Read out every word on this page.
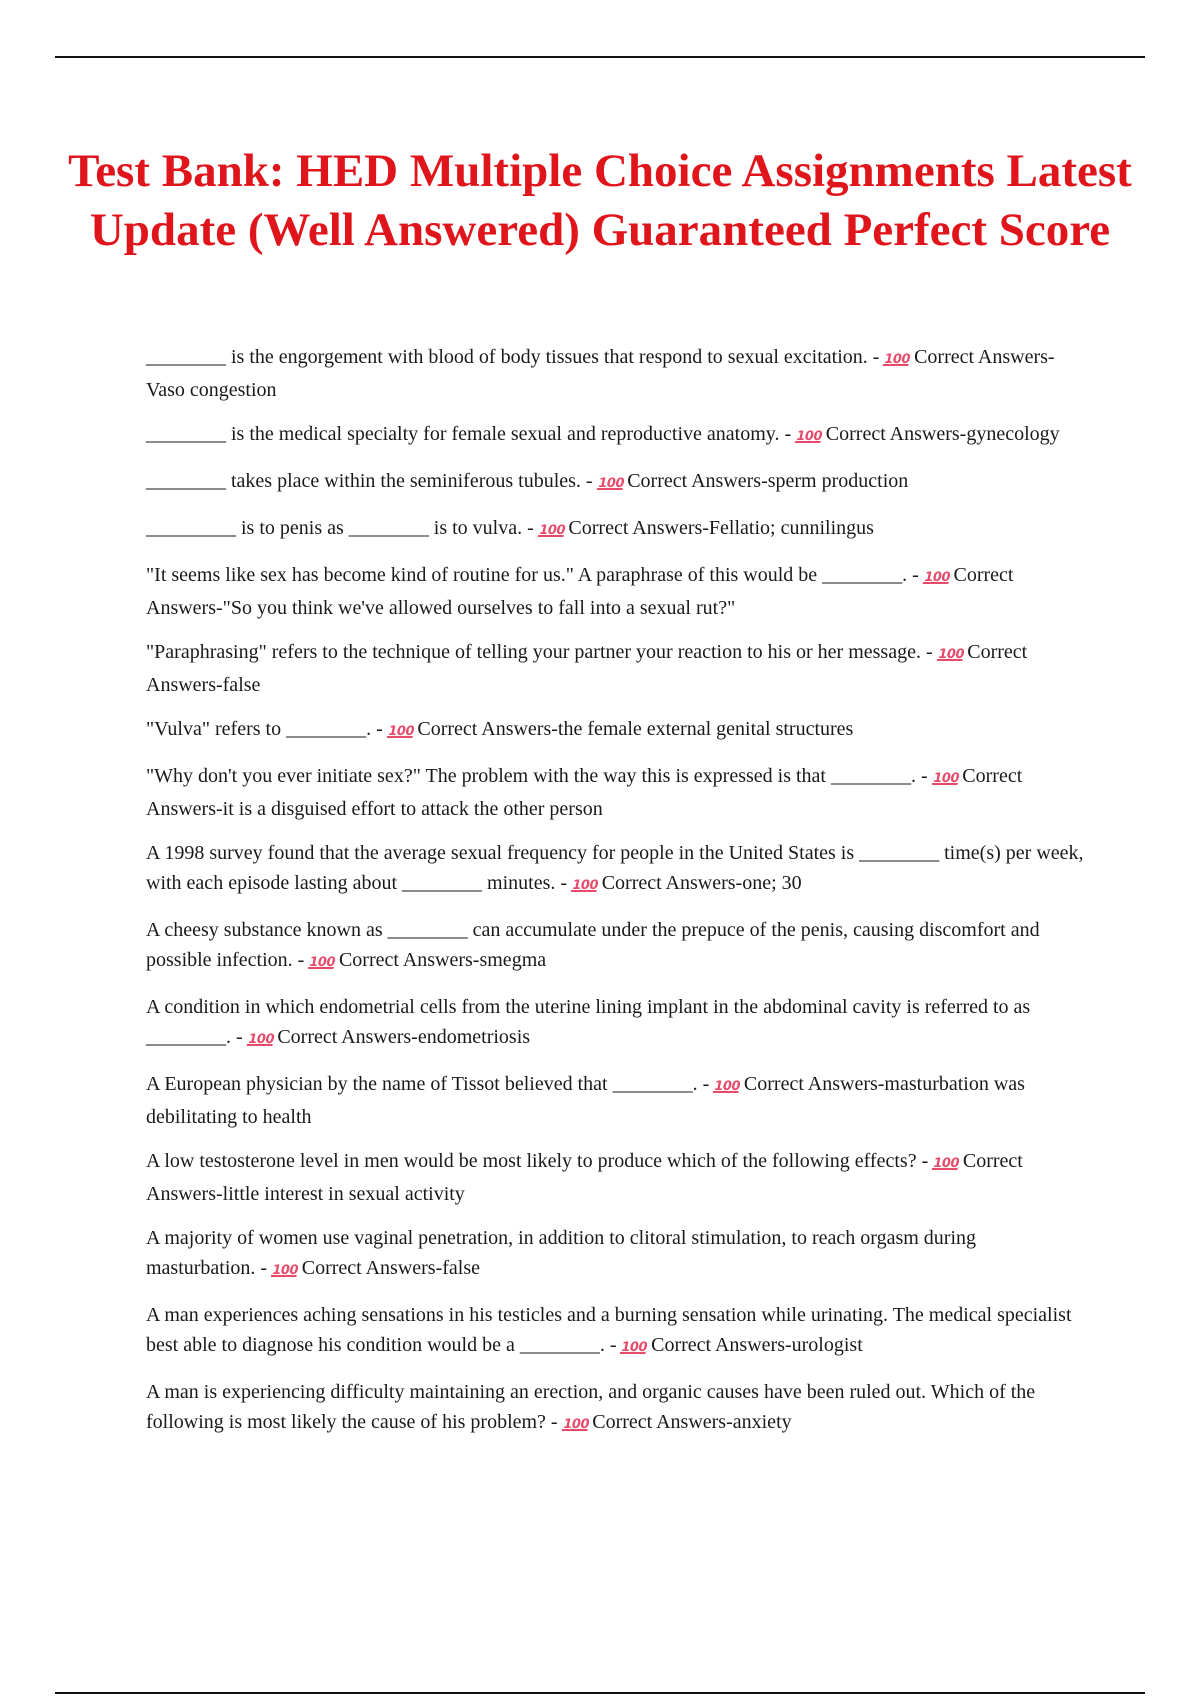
Test Bank: HED Multiple Choice Assignments Latest Update (Well Answered) Guaranteed Perfect Score

________ is the engorgement with blood of body tissues that respond to sexual excitation. - 100 Correct Answers-Vaso congestion

________ is the medical specialty for female sexual and reproductive anatomy. - 100 Correct Answers-gynecology

________ takes place within the seminiferous tubules. - 100 Correct Answers-sperm production

_________ is to penis as ________ is to vulva. - 100 Correct Answers-Fellatio; cunnilingus

"It seems like sex has become kind of routine for us." A paraphrase of this would be ________. - 100 Correct Answers-"So you think we've allowed ourselves to fall into a sexual rut?"

"Paraphrasing" refers to the technique of telling your partner your reaction to his or her message. - 100 Correct Answers-false

"Vulva" refers to ________. - 100 Correct Answers-the female external genital structures

"Why don't you ever initiate sex?" The problem with the way this is expressed is that ________. - 100 Correct Answers-it is a disguised effort to attack the other person

A 1998 survey found that the average sexual frequency for people in the United States is ________ time(s) per week, with each episode lasting about ________ minutes. - 100 Correct Answers-one; 30

A cheesy substance known as ________ can accumulate under the prepuce of the penis, causing discomfort and possible infection. - 100 Correct Answers-smegma

A condition in which endometrial cells from the uterine lining implant in the abdominal cavity is referred to as ________. - 100 Correct Answers-endometriosis

A European physician by the name of Tissot believed that ________. - 100 Correct Answers-masturbation was debilitating to health

A low testosterone level in men would be most likely to produce which of the following effects? - 100 Correct Answers-little interest in sexual activity

A majority of women use vaginal penetration, in addition to clitoral stimulation, to reach orgasm during masturbation. - 100 Correct Answers-false

A man experiences aching sensations in his testicles and a burning sensation while urinating. The medical specialist best able to diagnose his condition would be a ________. - 100 Correct Answers-urologist

A man is experiencing difficulty maintaining an erection, and organic causes have been ruled out. Which of the following is most likely the cause of his problem? - 100 Correct Answers-anxiety
